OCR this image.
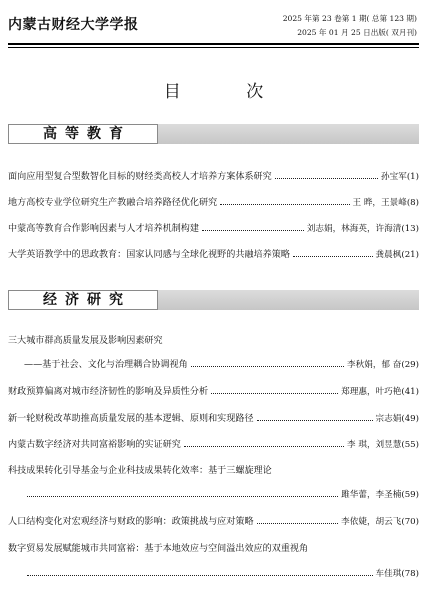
内蒙古财经大学学报	2025 年第 23 卷第 1 期( 总第 123 期)
2025 年 01 月 25 日出版( 双月刊)
目 次
高等教育
面向应用型复合型数智化目标的财经类高校人才培养方案体系研究	孙宝军 (1)
地方高校专业学位研究生产教融合培养路径优化研究	王 晔，王景峰 (8)
中蒙高等教育合作影响因素与人才培养机制构建	刘志娟，林海英，许海清 (13)
大学英语教学中的思政教育：国家认同感与全球化视野的共融培养策略	龚晨枫 (21)
经济研究
三大城市群高质量发展及影响因素研究
——基于社会、文化与治理耦合协调视角	李秋娟，郁 奋 (29)
财政预算偏离对城市经济韧性的影响及异质性分析	郑理惠，叶巧艳 (41)
新一轮财税改革助推高质量发展的基本逻辑、原则和实现路径	宗志娟 (49)
内蒙古数字经济对共同富裕影响的实证研究	李 琪，刘昱慧 (55)
科技成果转化引导基金与企业科技成果转化效率：基于三螺旋理论
雎华蕾，李圣楠 (59)
人口结构变化对宏观经济与财政的影响：政策挑战与应对策略	李依婕，胡云飞 (70)
数字贸易发展赋能城市共同富裕：基于本地效应与空间溢出效应的双重视角
车佳琪 (78)
